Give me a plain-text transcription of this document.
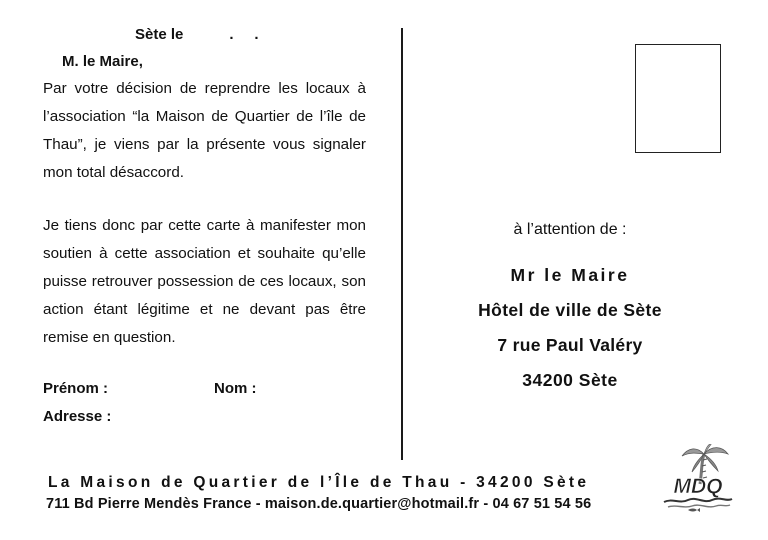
Sète le	.     .
M. le Maire,
Par votre décision de reprendre les locaux à l’association “la Maison de Quartier de l’île de Thau”, je viens par la présente vous signaler mon total désaccord.
Je tiens donc par cette carte à manifester mon soutien à cette association et souhaite qu’elle puisse retrouver possession de ces locaux, son action étant légitime et ne devant pas être remise en question.
Prénom :	Nom :
Adresse :
à l’attention de :
Mr le Maire
Hôtel de ville de Sète
7 rue Paul Valéry
34200 Sète
La Maison de Quartier de l’Île de Thau - 34200 Sète
711 Bd Pierre Mendès France - maison.de.quartier@hotmail.fr - 04 67 51 54 56
MDQ
